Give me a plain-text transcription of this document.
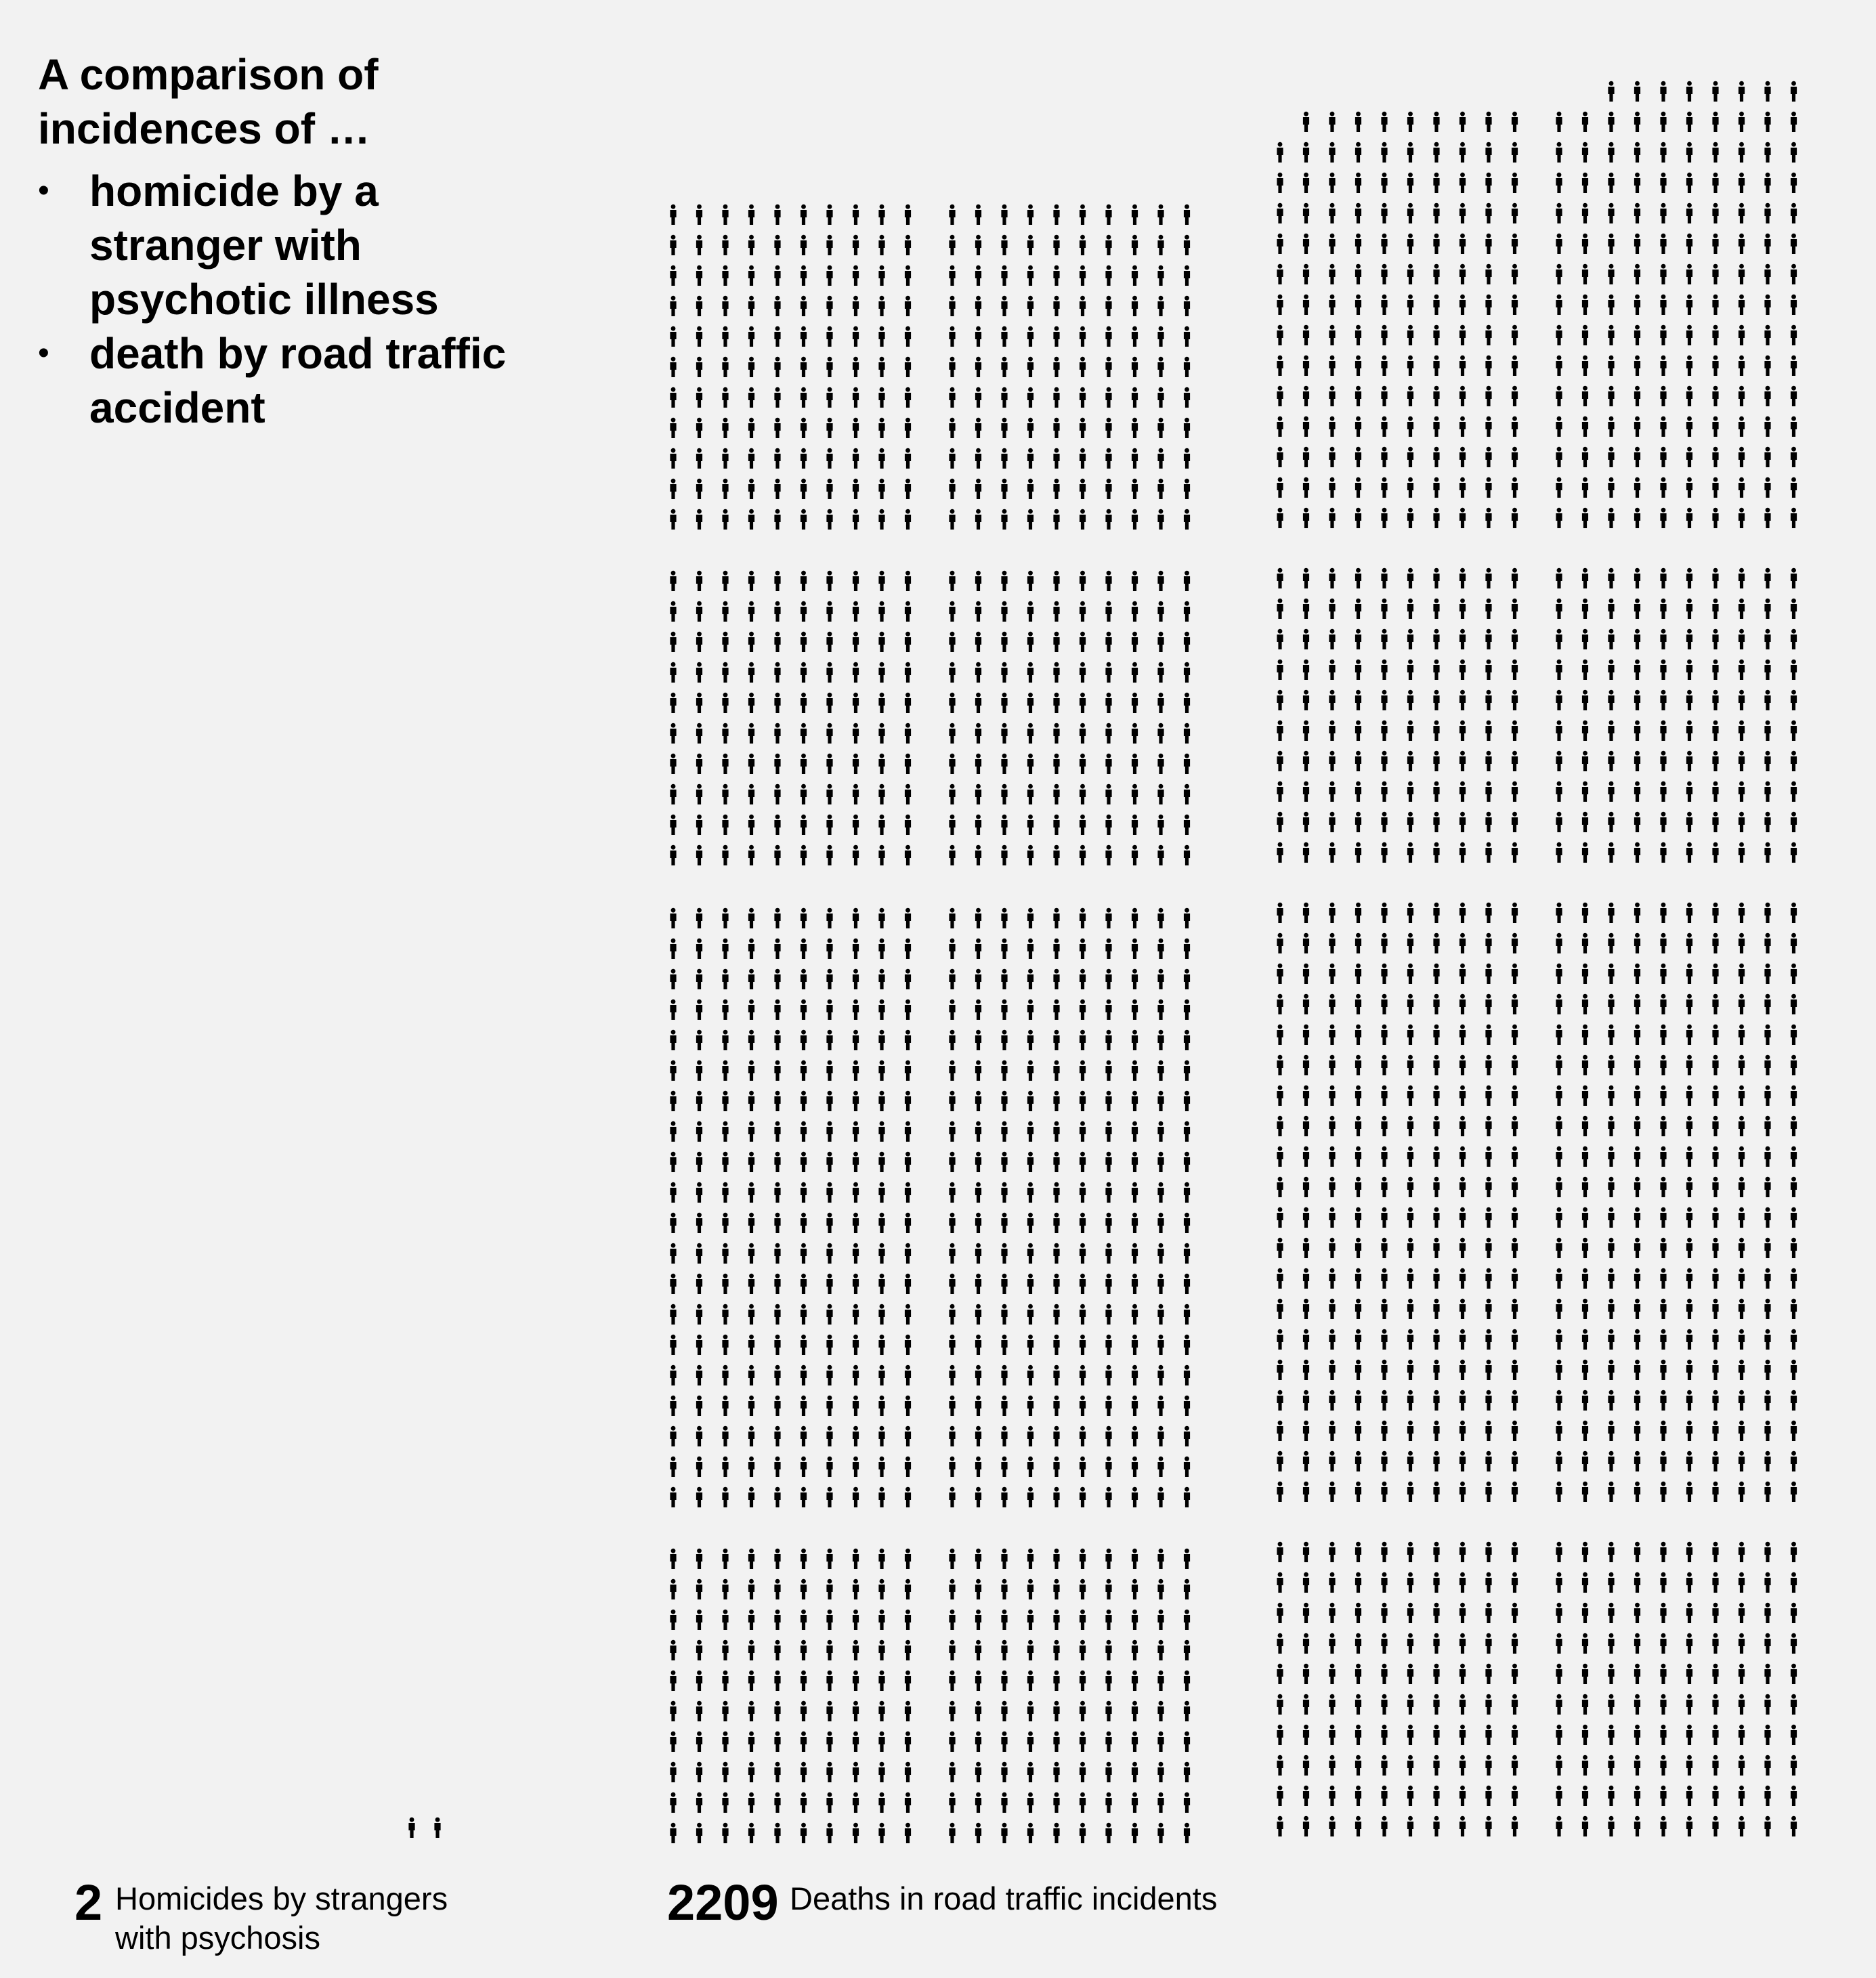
A comparison of incidences of …
• homicide by a stranger with psychotic illness
• death by road traffic accident
2 Homicides by strangers with psychosis
2209 Deaths in road traffic incidents
